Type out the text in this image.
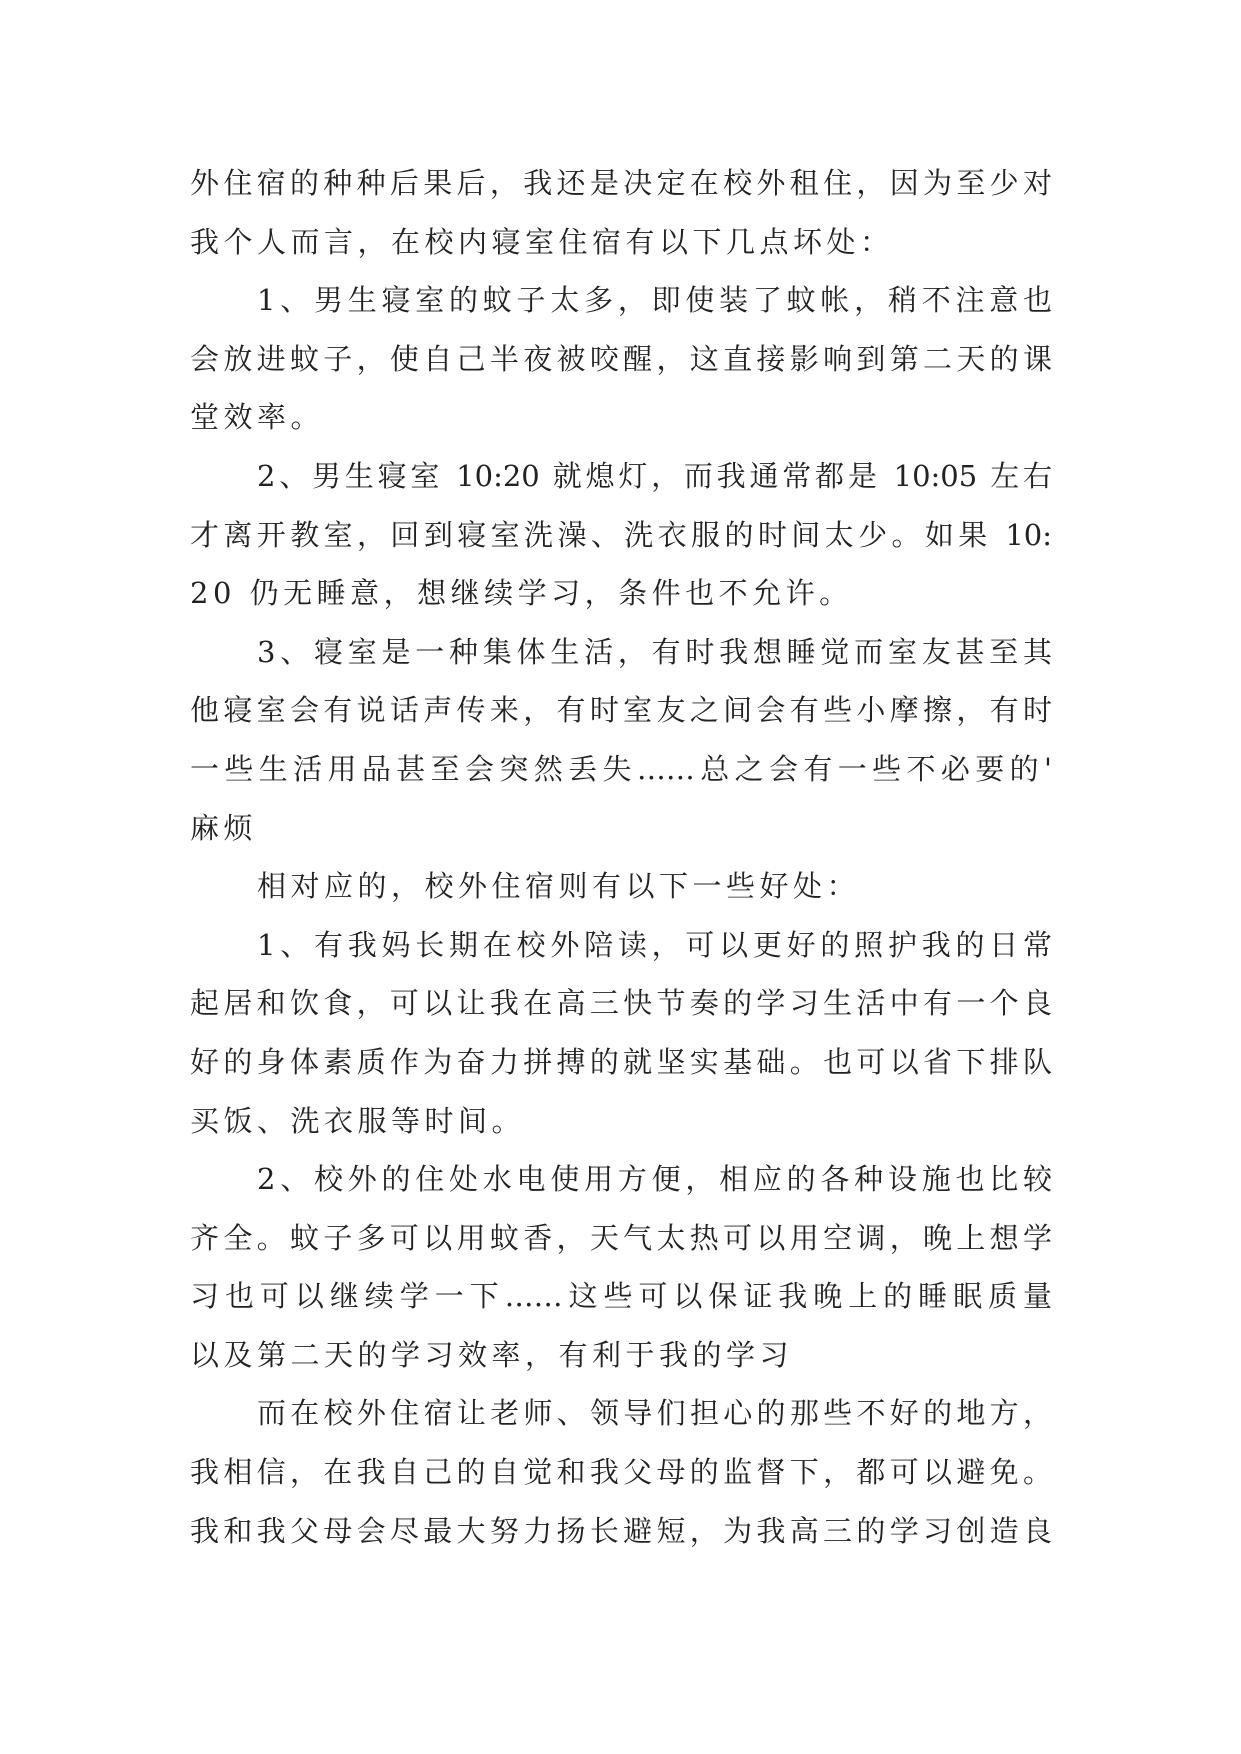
外住宿的种种后果后，我还是决定在校外租住，因为至少对
我个人而言，在校内寝室住宿有以下几点坏处：
1、男生寝室的蚊子太多，即使装了蚊帐，稍不注意也
会放进蚊子，使自己半夜被咬醒，这直接影响到第二天的课
堂效率。
2、男生寝室 10:20 就熄灯，而我通常都是 10:05 左右
才离开教室，回到寝室洗澡、洗衣服的时间太少。如果 10:
20 仍无睡意，想继续学习，条件也不允许。
3、寝室是一种集体生活，有时我想睡觉而室友甚至其
他寝室会有说话声传来，有时室友之间会有些小摩擦，有时
一些生活用品甚至会突然丢失……总之会有一些不必要的'
麻烦
相对应的，校外住宿则有以下一些好处：
1、有我妈长期在校外陪读，可以更好的照护我的日常
起居和饮食，可以让我在高三快节奏的学习生活中有一个良
好的身体素质作为奋力拼搏的就坚实基础。也可以省下排队
买饭、洗衣服等时间。
2、校外的住处水电使用方便，相应的各种设施也比较
齐全。蚊子多可以用蚊香，天气太热可以用空调，晚上想学
习也可以继续学一下……这些可以保证我晚上的睡眠质量
以及第二天的学习效率，有利于我的学习
而在校外住宿让老师、领导们担心的那些不好的地方，
我相信，在我自己的自觉和我父母的监督下，都可以避免。
我和我父母会尽最大努力扬长避短，为我高三的学习创造良
